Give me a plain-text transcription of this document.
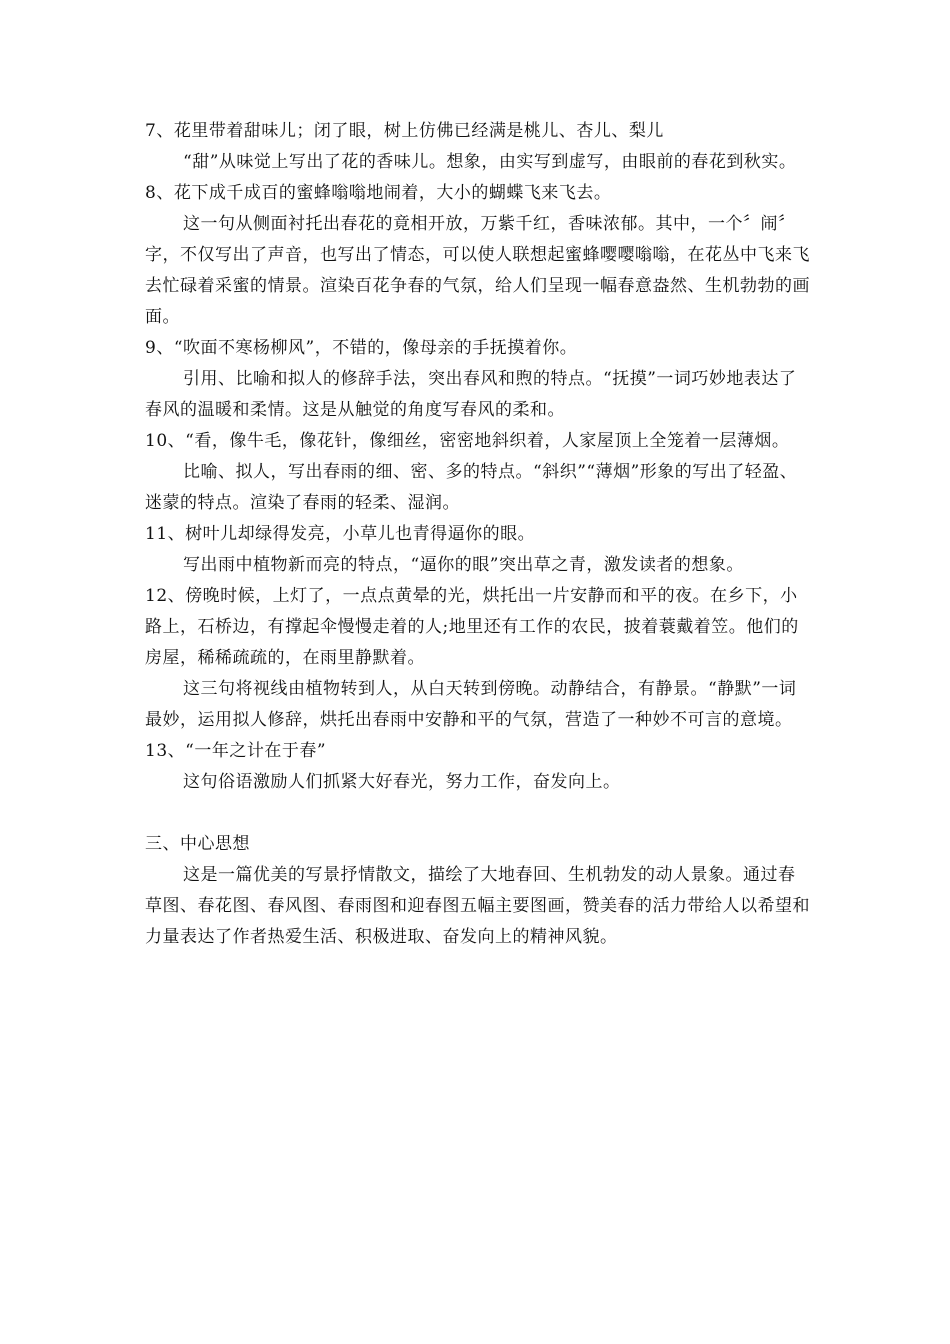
7、花里带着甜味儿；闭了眼，树上仿佛已经满是桃儿、杏儿、梨儿

“甜”从味觉上写出了花的香味儿。想象，由实写到虚写，由眼前的春花到秋实。

8、花下成千成百的蜜蜂嗡嗡地闹着，大小的蝴蝶飞来飞去。

这一句从侧面衬托出春花的竟相开放，万紫千红，香味浓郁。其中，一个〞闹〞字，不仅写出了声音，也写出了情态，可以使人联想起蜜蜂嘤嘤嗡嗡，在花丛中飞来飞去忙碌着采蜜的情景。渲染百花争春的气氛，给人们呈现一幅春意盎然、生机勃勃的画面。

9、“吹面不寒杨柳风”，不错的，像母亲的手抚摸着你。

引用、比喻和拟人的修辞手法，突出春风和煦的特点。“抚摸”一词巧妙地表达了春风的温暖和柔情。这是从触觉的角度写春风的柔和。

10、“看，像牛毛，像花针，像细丝，密密地斜织着，人家屋顶上全笼着一层薄烟。

比喻、拟人，写出春雨的细、密、多的特点。“斜织”“薄烟”形象的写出了轻盈、迷蒙的特点。渲染了春雨的轻柔、湿润。

11、树叶儿却绿得发亮，小草儿也青得逼你的眼。

写出雨中植物新而亮的特点，“逼你的眼”突出草之青，激发读者的想象。

12、傍晚时候，上灯了，一点点黄晕的光，烘托出一片安静而和平的夜。在乡下，小路上，石桥边，有撑起伞慢慢走着的人;地里还有工作的农民，披着蓑戴着笠。他们的房屋，稀稀疏疏的，在雨里静默着。

这三句将视线由植物转到人，从白天转到傍晚。动静结合，有静景。“静默”一词最妙，运用拟人修辞，烘托出春雨中安静和平的气氛，营造了一种妙不可言的意境。

13、“一年之计在于春”

这句俗语激励人们抓紧大好春光，努力工作，奋发向上。

三、中心思想

这是一篇优美的写景抒情散文，描绘了大地春回、生机勃发的动人景象。通过春草图、春花图、春风图、春雨图和迎春图五幅主要图画，赞美春的活力带给人以希望和力量表达了作者热爱生活、积极进取、奋发向上的精神风貌。
